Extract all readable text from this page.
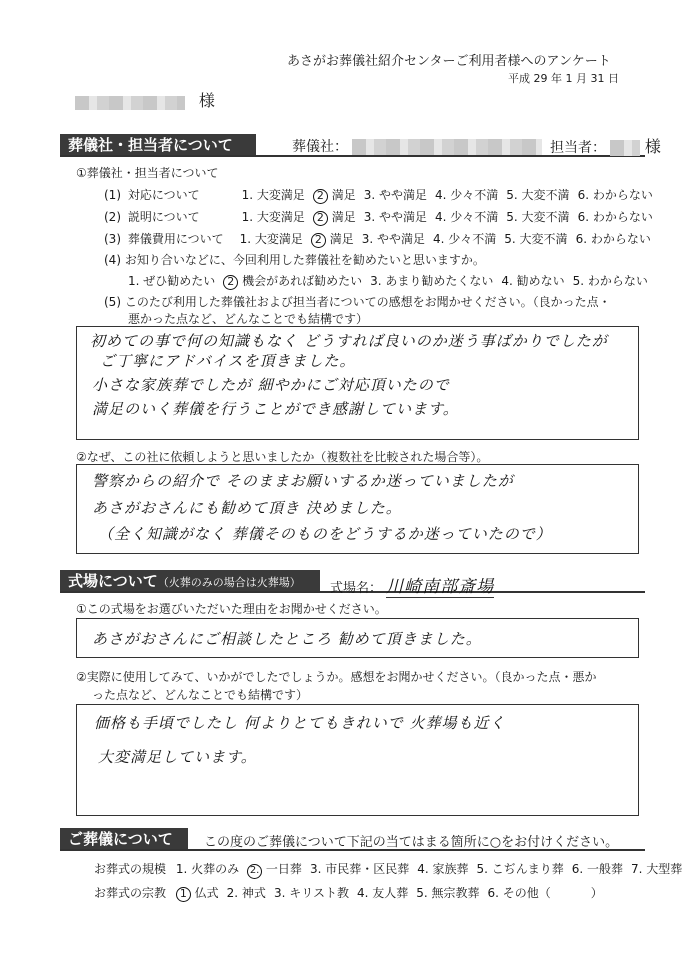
あさがお葬儀社紹介センターご利用者様へのアンケート
平成 29 年 1 月 31 日
様
葬儀社・担当者について	葬儀社：	担当者： 様
①葬儀社・担当者について
(1) 対応について	1. 大変満足 2 満足 3. やや満足 4. 少々不満 5. 大変不満 6. わからない
(2) 説明について	1. 大変満足 2 満足 3. やや満足 4. 少々不満 5. 大変不満 6. わからない
(3) 葬儀費用について 1. 大変満足 2 満足 3. やや満足 4. 少々不満 5. 大変不満 6. わからない
(4) お知り合いなどに、今回利用した葬儀社を勧めたいと思いますか。
1. ぜひ勧めたい 2 機会があれば勧めたい 3. あまり勧めたくない 4. 勧めない 5. わからない
(5) このたび利用した葬儀社および担当者についての感想をお聞かせください。（良かった点・
悪かった点など、どんなことでも結構です）
初めての事で何の知識もなく どうすれば良いのか迷う事ばかりでしたが
ご丁寧にアドバイスを頂きました。
小さな家族葬でしたが 細やかにご対応頂いたので
満足のいく葬儀を行うことができ感謝しています。
②なぜ、この社に依頼しようと思いましたか（複数社を比較された場合等）。
警察からの紹介で そのままお願いするか迷っていましたが
あさがおさんにも勧めて頂き 決めました。
（全く知識がなく 葬儀そのものをどうするか迷っていたので）
式場について（火葬のみの場合は火葬場）	式場名： 川崎南部斎場
①この式場をお選びいただいた理由をお聞かせください。
あさがおさんにご相談したところ 勧めて頂きました。
②実際に使用してみて、いかがでしたでしょうか。感想をお聞かせください。（良かった点・悪か
った点など、どんなことでも結構です）
価格も手頃でしたし 何よりとてもきれいで 火葬場も近く
大変満足しています。
ご葬儀について	この度のご葬儀について下記の当てはまる箇所に○をお付けください。
お葬式の規模 1. 火葬のみ 2. 一日葬 3. 市民葬・区民葬 4. 家族葬 5. こぢんまり葬 6. 一般葬 7. 大型葬
お葬式の宗教 1 仏式 2. 神式 3. キリスト教 4. 友人葬 5. 無宗教葬 6. その他（	）
